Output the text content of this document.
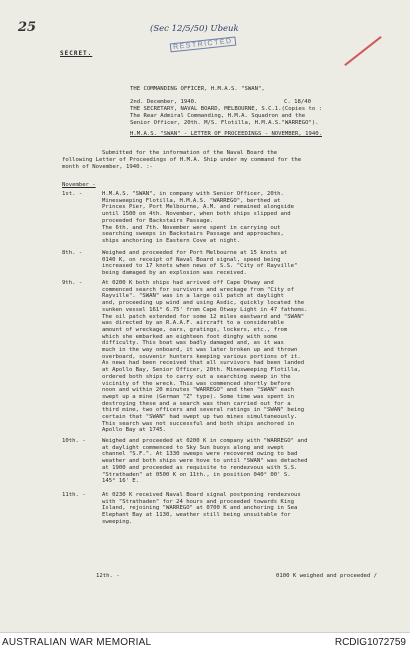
25
SECRET.
(Sec 12/5/50) Ubeuk
RESTRICTED
THE COMMANDING OFFICER, H.M.A.S. "SWAN",
2nd. December, 1940.	C. 18/40
THE SECRETARY, NAVAL BOARD, MELBOURNE, S.C.1.(Copies to :
The Rear Admiral Commanding, H.M.A. Squadron and the
Senior Officer, 20th. M/S. Flotilla, H.M.A.S."WARREGO").
H.M.A.S. "SWAN" - LETTER OF PROCEEDINGS - NOVEMBER, 1940.
Submitted for the information of the Naval Board the
following Letter of Proceedings of H.M.A. Ship under my command for the
month of November, 1940. :-
November -
1st. -	H.M.A.S. "SWAN", in company with Senior Officer, 20th.
Minesweeping Flotilla, H.M.A.S. "WARREGO", berthed at
Princes Pier, Port Melbourne, A.M. and remained alongside
until 1500 on 4th. November, when both ships slipped and
proceeded for Backstairs Passage.
The 6th. and 7th. November were spent in carrying out
searching sweeps in Backstairs Passage and approaches,
ships anchoring in Eastern Cove at night.
8th. -	Weighed and proceeded for Port Melbourne at 15 knots at
0140 K, on receipt of Naval Board signal, speed being
increased to 17 knots when news of S.S. "City of Rayville"
being damaged by an explosion was received.
9th. -	At 0200 K both ships had arrived off Cape Otway and
commenced search for survivors and wreckage from "City of
Rayville". "SWAN" was in a large oil patch at daylight
and, proceeding up wind and using Asdic, quickly located the
sunken vessel 161° 6.75' from Cape Otway Light in 47 fathoms.
The oil patch extended for some 12 miles eastward and "SWAN"
was directed by an R.A.A.F. aircraft to a considerable
amount of wreckage, oars, gratings, lockers, etc., from
which she embarked an eighteen foot dinghy with some
difficulty. This boat was badly damaged and, as it was
much in the way onboard, it was later broken up and thrown
overboard, souvenir hunters keeping various portions of it.
As news had been received that all survivors had been landed
at Apollo Bay, Senior Officer, 20th. Minesweeping Flotilla,
ordered both ships to carry out a searching sweep in the
vicinity of the wreck. This was commenced shortly before
noon and within 20 minutes "WARREGO" and then "SWAN" each
swept up a mine (German "Z" type). Some time was spent in
destroying these and a search was then carried out for a
third mine, two officers and several ratings in "SWAN" being
certain that "SWAN" had swept up two mines simultaneously.
This search was not successful and both ships anchored in
Apollo Bay at 1745.
10th. -	Weighed and proceeded at 0200 K in company with "WARREGO" and
at daylight commenced to Sky Sun buoys along and swept
channel "S.F.". At 1330 sweeps were recovered owing to bad
weather and both ships were hove to until "SWAN" was detached
at 1900 and proceeded as requisite to rendezvous with S.S.
"Strathaden" at 0500 K on 11th., in position 040° 00' S.
145° 16' E.
11th. -	At 0230 K received Naval Board signal postponing rendezvous
with "Strathaden" for 24 hours and proceeded towards King
Island, rejoining "WARREGO" at 0700 K and anchoring in Sea
Elephant Bay at 1130, weather still being unsuitable for
sweeping.
12th. -	0100 K weighed and proceeded /
AUSTRALIAN WAR MEMORIAL	RCDIG1072759
